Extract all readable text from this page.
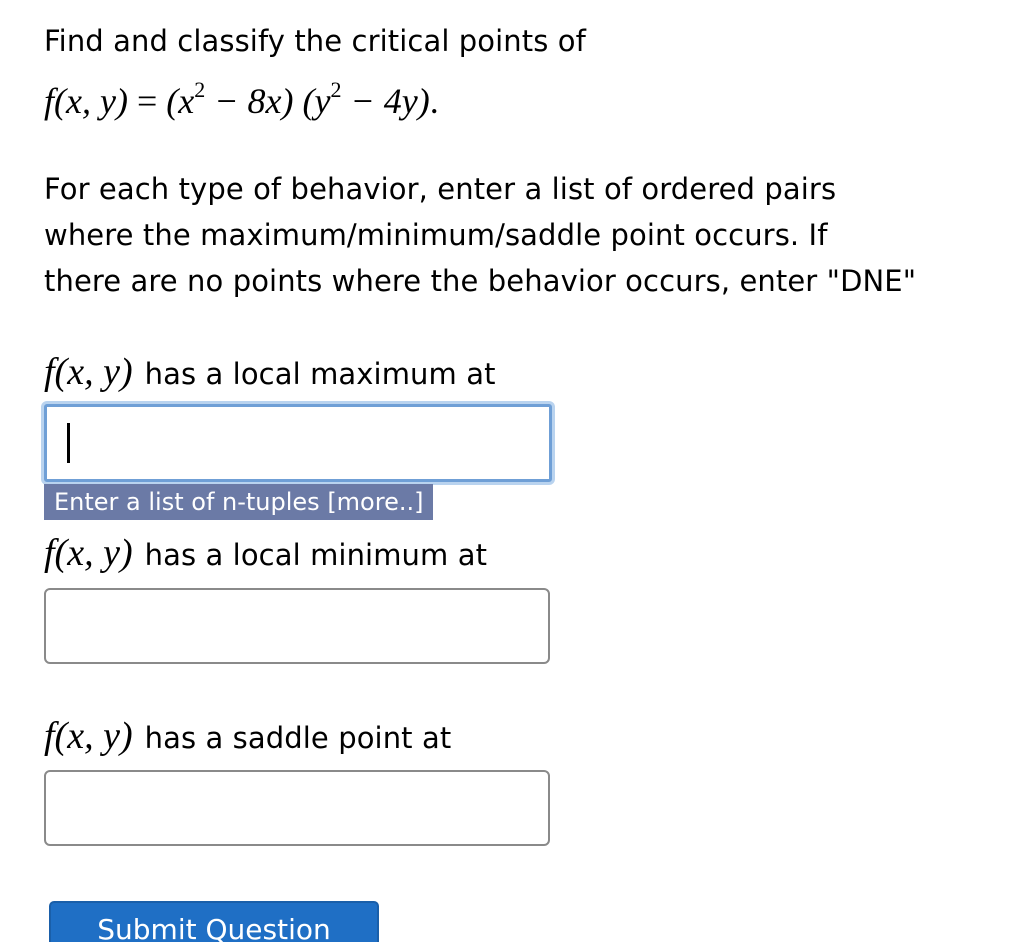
Find and classify the critical points of
f(x, $y) = (x^2 - 8x) (y^2 - 4y)$.
For each type of behavior, enter a list of ordered pairs
where the maximum/minimum/saddle point occurs. If
there are no points where the behavior occurs, enter "DNE"
f(x, y) has a local maximum at
Enter a list of n-tuples [more..]
f(x, y) has a local minimum at
f(x, y) has a saddle point at
Submit Question
